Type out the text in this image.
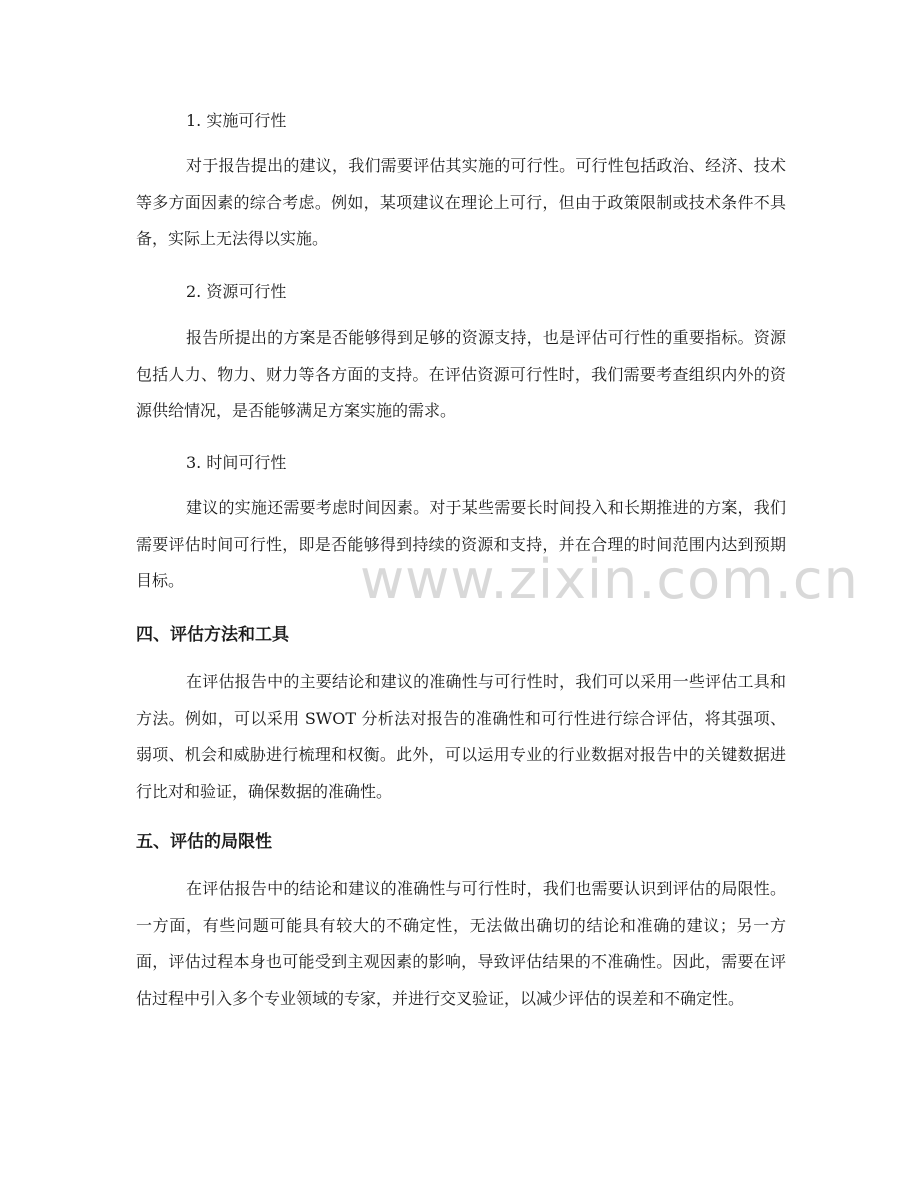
1. 实施可行性

对于报告提出的建议，我们需要评估其实施的可行性。可行性包括政治、经济、技术等多方面因素的综合考虑。例如，某项建议在理论上可行，但由于政策限制或技术条件不具备，实际上无法得以实施。

2. 资源可行性

报告所提出的方案是否能够得到足够的资源支持，也是评估可行性的重要指标。资源包括人力、物力、财力等各方面的支持。在评估资源可行性时，我们需要考查组织内外的资源供给情况，是否能够满足方案实施的需求。

3. 时间可行性

建议的实施还需要考虑时间因素。对于某些需要长时间投入和长期推进的方案，我们需要评估时间可行性，即是否能够得到持续的资源和支持，并在合理的时间范围内达到预期目标。

四、评估方法和工具

在评估报告中的主要结论和建议的准确性与可行性时，我们可以采用一些评估工具和方法。例如，可以采用 SWOT 分析法对报告的准确性和可行性进行综合评估，将其强项、弱项、机会和威胁进行梳理和权衡。此外，可以运用专业的行业数据对报告中的关键数据进行比对和验证，确保数据的准确性。

五、评估的局限性

在评估报告中的结论和建议的准确性与可行性时，我们也需要认识到评估的局限性。一方面，有些问题可能具有较大的不确定性，无法做出确切的结论和准确的建议；另一方面，评估过程本身也可能受到主观因素的影响，导致评估结果的不准确性。因此，需要在评估过程中引入多个专业领域的专家，并进行交叉验证，以减少评估的误差和不确定性。

www.zixin.com.cn
